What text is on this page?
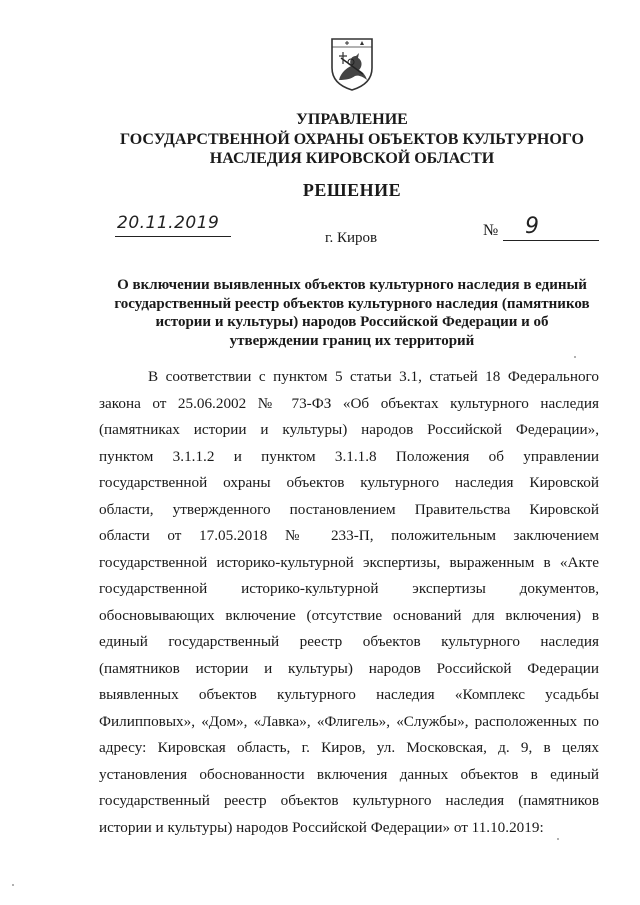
УПРАВЛЕНИЕ
ГОСУДАРСТВЕННОЙ ОХРАНЫ ОБЪЕКТОВ КУЛЬТУРНОГО
НАСЛЕДИЯ КИРОВСКОЙ ОБЛАСТИ
РЕШЕНИЕ
20.11.2019
г. Киров	№ 9
О включении выявленных объектов культурного наследия в единый
государственный реестр объектов культурного наследия (памятников
истории и культуры) народов Российской Федерации и об
утверждении границ их территорий
В соответствии с пунктом 5 статьи 3.1, статьей 18 Федерального
закона от 25.06.2002 № 73-ФЗ «Об объектах культурного наследия
(памятниках истории и культуры) народов Российской Федерации»,
пунктом 3.1.1.2 и пунктом 3.1.1.8 Положения об управлении
государственной охраны объектов культурного наследия Кировской
области, утвержденного постановлением Правительства Кировской
области от 17.05.2018 № 233-П, положительным заключением
государственной историко-культурной экспертизы, выраженным в «Акте
государственной историко-культурной экспертизы документов,
обосновывающих включение (отсутствие оснований для включения) в
единый государственный реестр объектов культурного наследия
(памятников истории и культуры) народов Российской Федерации
выявленных объектов культурного наследия «Комплекс усадьбы
Филипповых», «Дом», «Лавка», «Флигель», «Службы», расположенных по
адресу: Кировская область, г. Киров, ул. Московская, д. 9, в целях
установления обоснованности включения данных объектов в единый
государственный реестр объектов культурного наследия (памятников
истории и культуры) народов Российской Федерации» от 11.10.2019:
